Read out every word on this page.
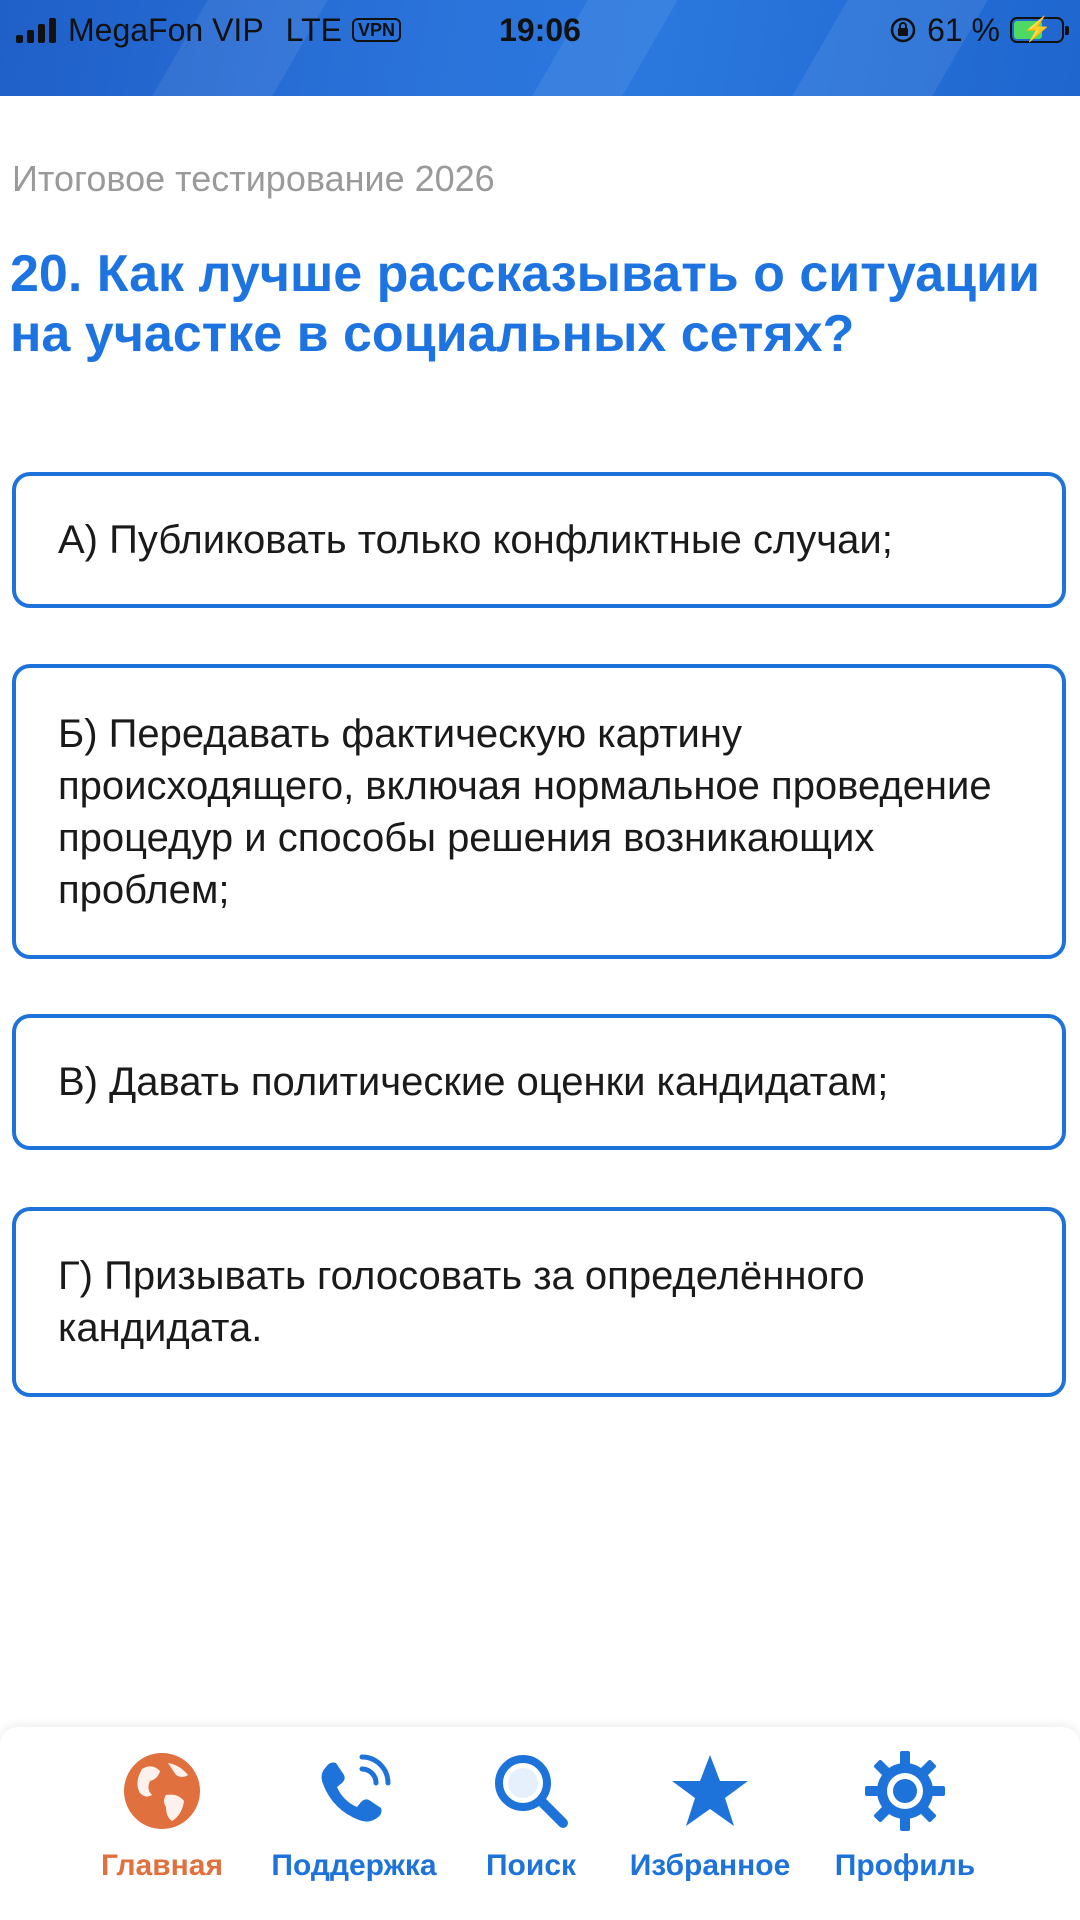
MegaFon VIP LTE VPN	19:06	61 % ⚡
Итоговое тестирование 2026
20. Как лучше рассказывать о ситуации на участке в социальных сетях?
А) Публиковать только конфликтные случаи;
Б) Передавать фактическую картину происходящего, включая нормальное проведение процедур и способы решения возникающих проблем;
В) Давать политические оценки кандидатам;
Г) Призывать голосовать за определённого кандидата.
Главная	Поддержка	Поиск	Избранное	Профиль
